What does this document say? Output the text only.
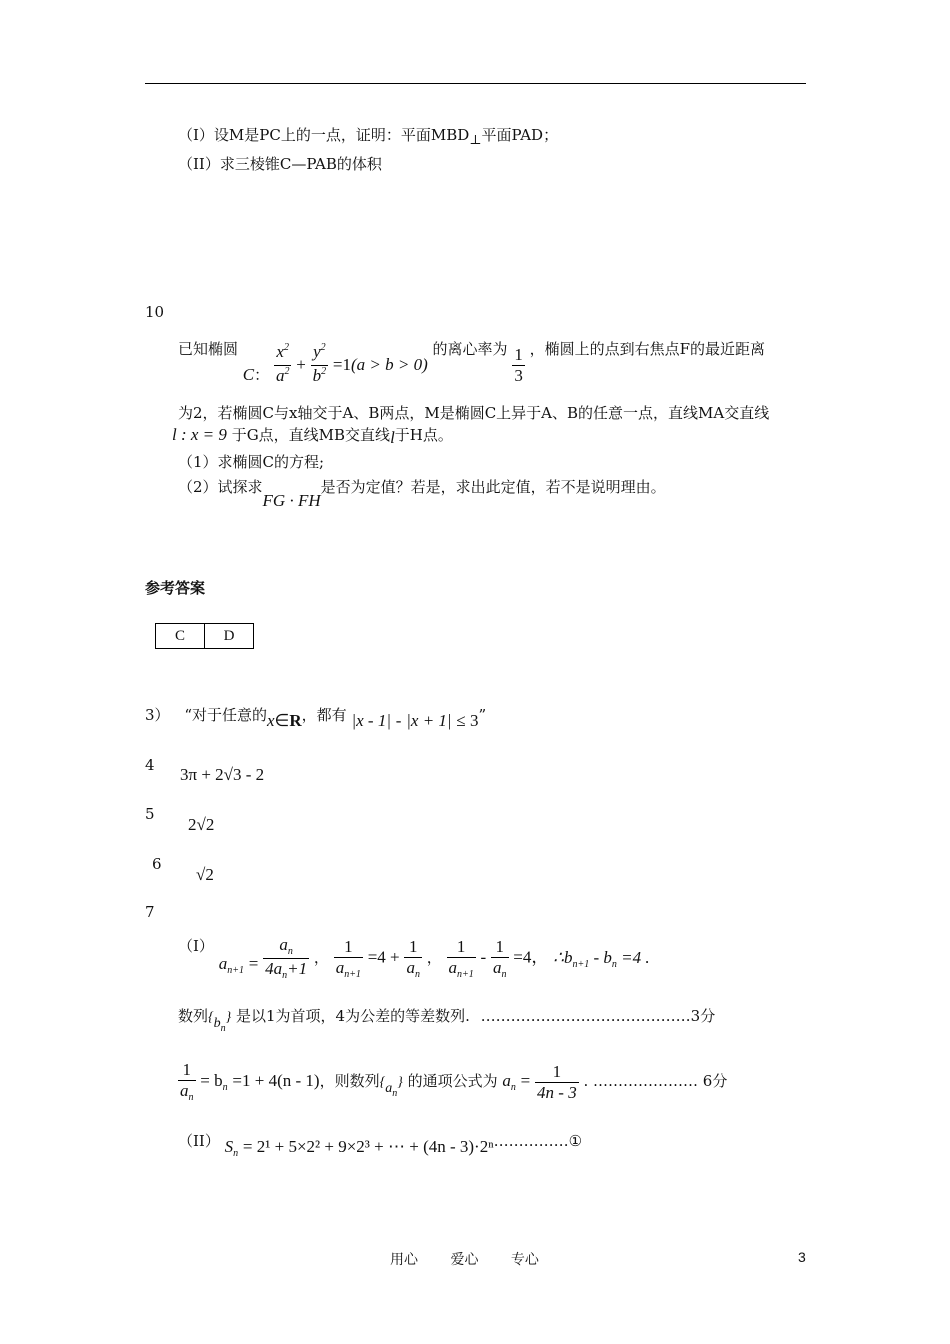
（I）设M是PC上的一点，证明：平面MBD⊥平面PAD；
（II）求三棱锥C—PAB的体积
10
已知椭圆 C： $\frac{x^2}{a^2} + \frac{y^2}{b^2} =1(a > b > 0)$ 的离心率为 $\frac{1}{3}$ ，椭圆上的点到右焦点F的最近距离
为2，若椭圆C与x轴交于A、B两点，M是椭圆C上异于A、B的任意一点，直线MA交直线
l : x = 9 于G点，直线MB交直线l于H点。
（1）求椭圆C的方程;
（2）试探求FG · FH是否为定值？若是，求出此定值，若不是说明理由。
参考答案
C	D
3） “对于任意的x∈R，都有 |x - 1| - |x + 1| ≤ 3”
4 3π + 2√3 - 2
5
2√2
6
√2
7
（I） $a_{n+1} = \frac{a_n}{4a_n+1}$ ， $\frac{1}{a_{n+1}} =4 + \frac{1}{a_n}$ ， $\frac{1}{a_{n+1}} - \frac{1}{a_n} =4$， $\therefore b_{n+1} - b_n =4$ .
数列$\{b_n\}$ 是以1为首项，4为公差的等差数列. ……………………………………3分
$\frac{1}{a_n} = b_n =1 + 4(n - 1)$，则数列$\{a_n\}$ 的通项公式为 $a_n = \frac{1}{4n - 3}$ . ………………… 6分
（II） $S_n = 2^1 + 5\times 2^2 + 9\times 2^3$ + ⋯ + (4n - 3)·2ⁿ……………①
用心 爱心 专心	3
